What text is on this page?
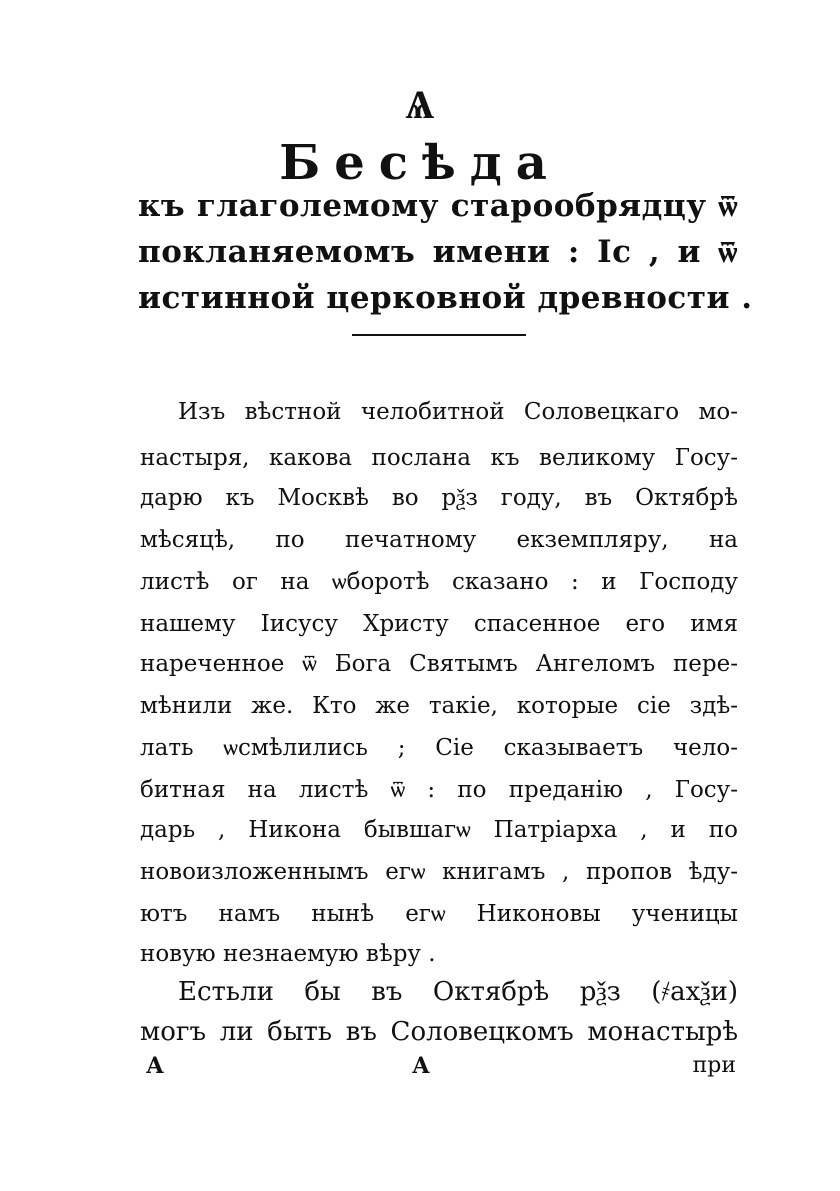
Ѧ
Бесѣда
къ глаголемому старообрядцу ѿ
покланяемомъ имени : Іс , и ѿ
истинной церковной древности .
Изъ вѣстной челобитной Соловецкаго мо-
настыря, какова послана къ великому Госу-
дарю къ Москвѣ во рѯз году, въ Октябрѣ
мѣсяцѣ, по печатному екземпляру, на
листѣ ог на ѡборотѣ сказано : и Господу
нашему Іисусу Христу спасенное его имя
нареченное ѿ Бога Святымъ Ангеломъ пере-
мѣнили же. Кто же такіе, которые сіе здѣ-
лать ѡсмѣлились ; Сіе сказываетъ чело-
битная на листѣ ѿ : по преданію , Госу-
дарь , Никона бывшагѡ Патріарха , и по
новоизложеннымъ егѡ книгамъ , пропов ѣду-
ютъ намъ нынѣ егѡ Никоновы ученицы
новую незнаемую вѣру .
Естьли бы въ Октябрѣ рѯз (҂ахѯи)
могъ ли быть въ Соловецкомъ монастырѣ
А	А	при
